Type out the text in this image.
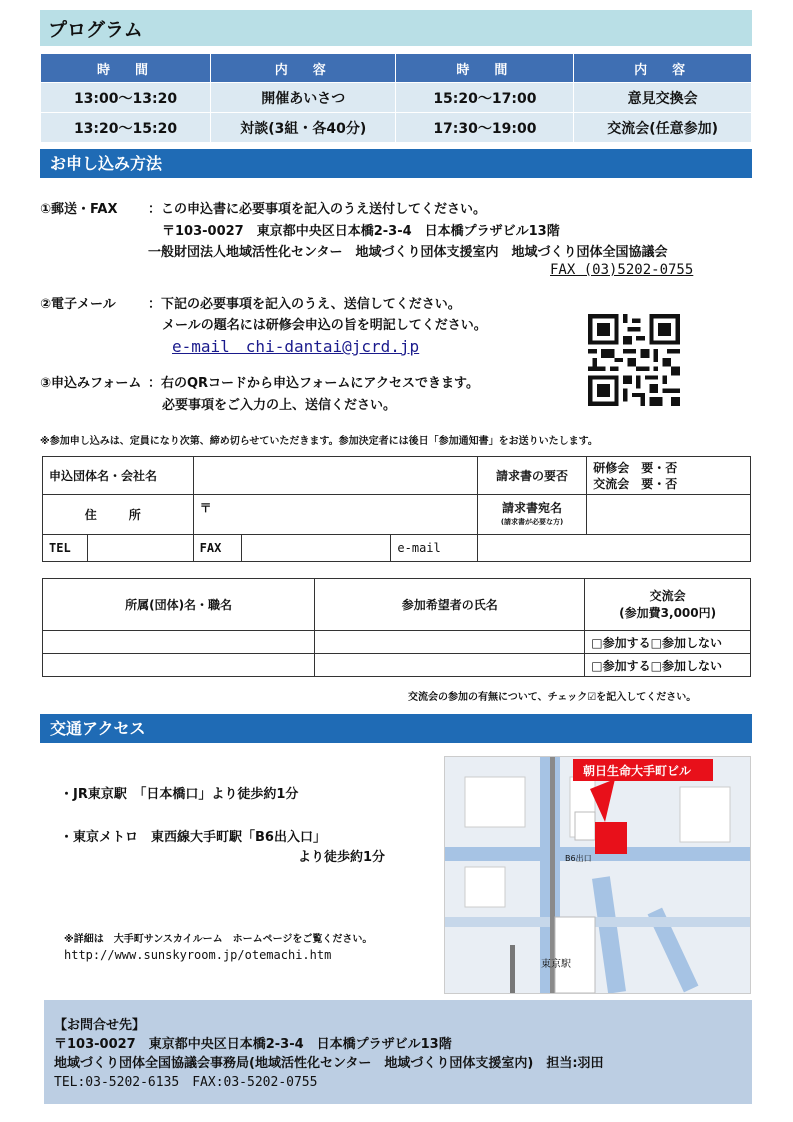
プログラム
時　間	内　容	時　間	内　容
13:00～13:20	開催あいさつ	15:20～17:00	意見交換会
13:20～15:20	対談(3組・各40分)	17:30～19:00	交流会(任意参加)
お申し込み方法
①郵送・FAX ：この申込書に必要事項を記入のうえ送付してください。
〒103-0027　東京都中央区日本橋2-3-4　日本橋プラザビル13階
一般財団法人地域活性化センター　地域づくり団体支援室内　地域づくり団体全国協議会
FAX (03)5202-0755
②電子メール ：下記の必要事項を記入のうえ、送信してください。
メールの題名には研修会申込の旨を明記してください。
e-mail　chi-dantai@jcrd.jp
③申込みフォーム ：右のQRコードから申込フォームにアクセスできます。
必要事項をご入力の上、送信ください。
※参加申し込みは、定員になり次第、締め切らせていただきます。参加決定者には後日「参加通知書」をお送りいたします。
申込団体名・会社名					請求書の要否	研修会　要・否
交流会　要・否

住　所		〒			請求書宛名
(請求書が必要な方)	

TEL		FAX		e-mail		
所属(団体)名・職名	参加希望者の氏名	交流会
(参加費3,000円)

		□参加する□参加しない
		□参加する□参加しない
交流会の参加の有無について、チェック☑を記入してください。
交通アクセス
・JR東京駅　「日本橋口」より徒歩約1分
・東京メトロ　東西線大手町駅「B6出入口」
より徒歩約1分
※詳細は　大手町サンスカイルーム　ホームページをご覧ください。
http://www.sunskyroom.jp/otemachi.htm
朝日生命大手町ビル
B6出口
東京駅
【お問合せ先】
〒103-0027　東京都中央区日本橋2-3-4　日本橋プラザビル13階
地域づくり団体全国協議会事務局(地域活性化センター　地域づくり団体支援室内)　担当:羽田
TEL:03-5202-6135　FAX:03-5202-0755
